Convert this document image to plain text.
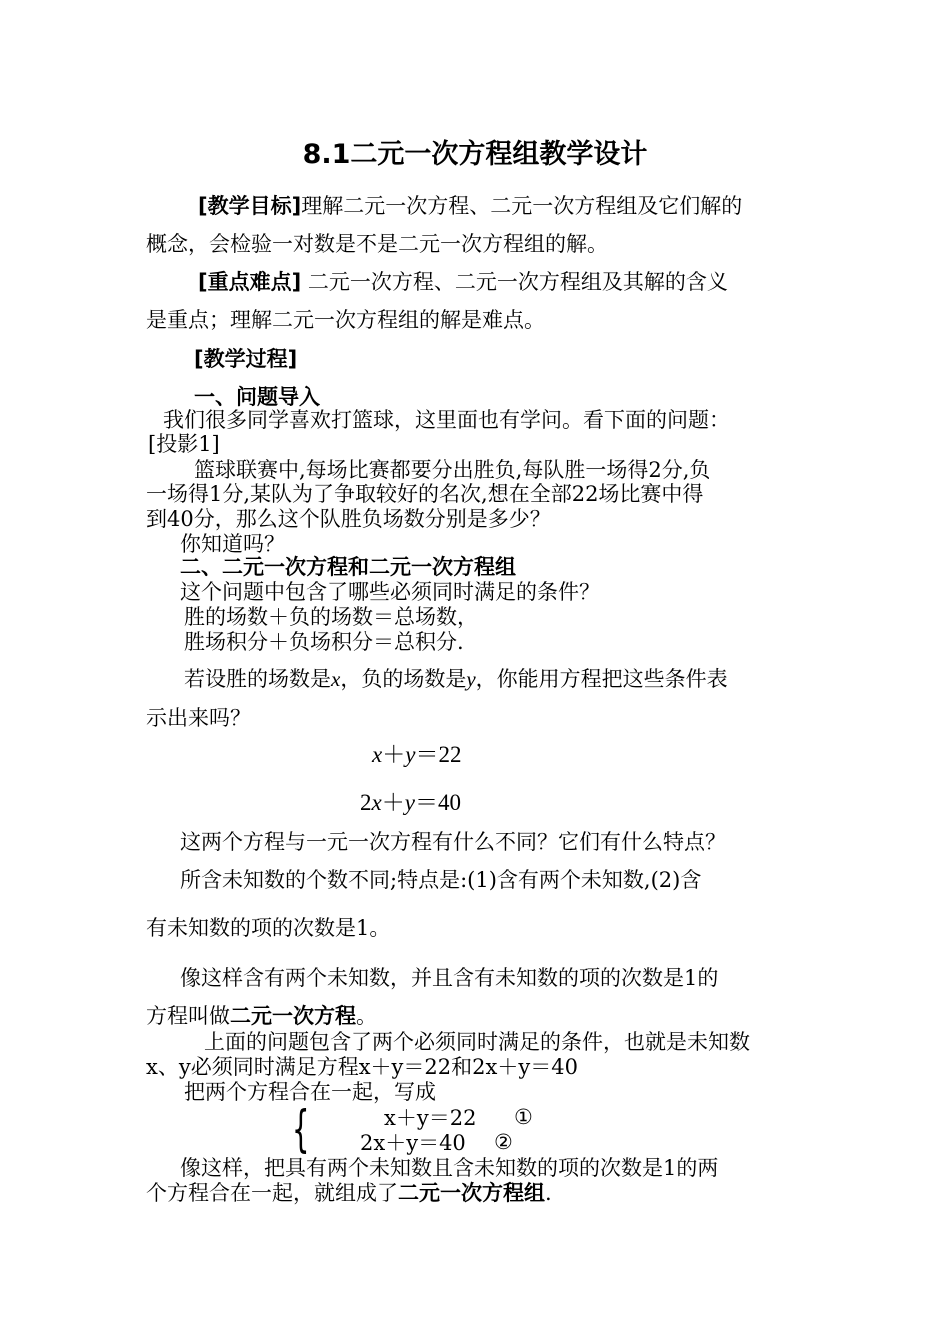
8.1二元一次方程组教学设计
[教学目标]理解二元一次方程、二元一次方程组及它们解的
概念，会检验一对数是不是二元一次方程组的解。
[重点难点] 二元一次方程、二元一次方程组及其解的含义
是重点；理解二元一次方程组的解是难点。
[教学过程]
一、问题导入
我们很多同学喜欢打篮球，这里面也有学问。看下面的问题：
[投影1]
篮球联赛中,每场比赛都要分出胜负,每队胜一场得2分,负
一场得1分,某队为了争取较好的名次,想在全部22场比赛中得
到40分，那么这个队胜负场数分别是多少？
你知道吗？
二、二元一次方程和二元一次方程组
这个问题中包含了哪些必须同时满足的条件？
胜的场数＋负的场数＝总场数，
胜场积分＋负场积分＝总积分.
若设胜的场数是x，负的场数是y，你能用方程把这些条件表
示出来吗？
x＋y＝22
2x＋y＝40
这两个方程与一元一次方程有什么不同？它们有什么特点？
所含未知数的个数不同;特点是:(1)含有两个未知数,(2)含
有未知数的项的次数是1。
像这样含有两个未知数，并且含有未知数的项的次数是1的
方程叫做二元一次方程。
上面的问题包含了两个必须同时满足的条件，也就是未知数
x、y必须同时满足方程x＋y＝22和2x＋y＝40
把两个方程合在一起，写成
{	x＋y＝22 ①
2x＋y＝40 ②
像这样，把具有两个未知数且含未知数的项的次数是1的两
个方程合在一起，就组成了二元一次方程组.
